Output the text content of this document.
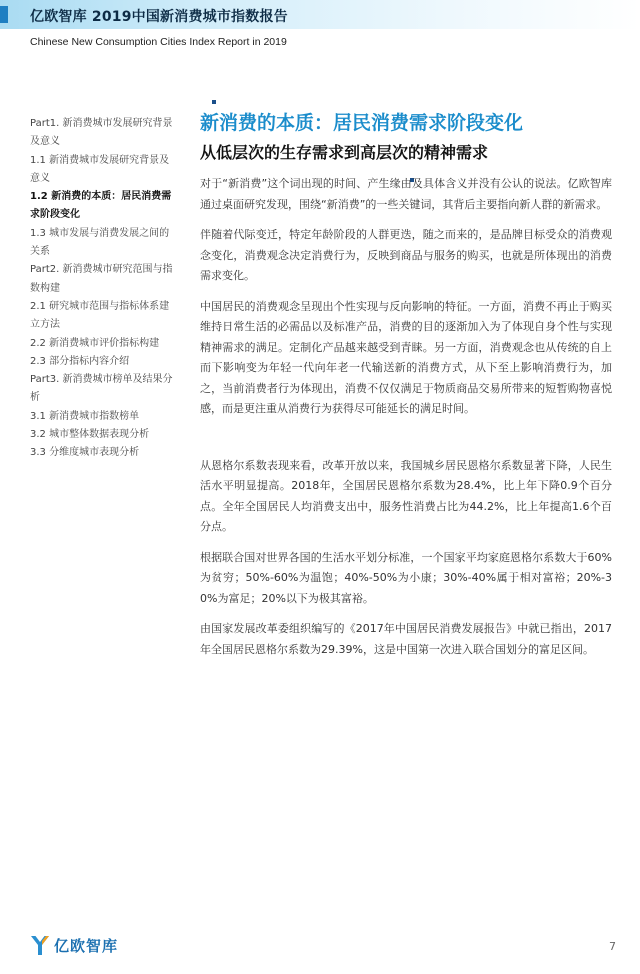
亿欧智库 2019中国新消费城市指数报告
Chinese New Consumption Cities Index Report in 2019

Part1. 新消费城市发展研究背景及意义

1.1 新消费城市发展研究背景及意义

1.2 新消费的本质：居民消费需求阶段变化

1.3 城市发展与消费发展之间的关系

Part2. 新消费城市研究范围与指数构建

2.1 研究城市范围与指标体系建立方法

2.2 新消费城市评价指标构建

2.3 部分指标内容介绍

Part3. 新消费城市榜单及结果分析

3.1 新消费城市指数榜单

3.2 城市整体数据表现分析

3.3 分维度城市表现分析

新消费的本质：居民消费需求阶段变化
从低层次的生存需求到高层次的精神需求

对于“新消费”这个词出现的时间、产生缘由及具体含义并没有公认的说法。亿欧智库通过桌面研究发现，围绕“新消费”的一些关键词，其背后主要指向新人群的新需求。

伴随着代际变迁，特定年龄阶段的人群更迭，随之而来的，是品牌目标受众的消费观念变化，消费观念决定消费行为，反映到商品与服务的购买，也就是所体现出的消费需求变化。

中国居民的消费观念呈现出个性实现与反向影响的特征。一方面，消费不再止于购买维持日常生活的必需品以及标准产品，消费的目的逐渐加入为了体现自身个性与实现精神需求的满足。定制化产品越来越受到青睐。另一方面，消费观念也从传统的自上而下影响变为年轻一代向年老一代输送新的消费方式，从下至上影响消费行为，加之，当前消费者行为体现出，消费不仅仅满足于物质商品交易所带来的短暂购物喜悦感，而是更注重从消费行为获得尽可能延长的满足时间。

从恩格尔系数表现来看，改革开放以来，我国城乡居民恩格尔系数显著下降，人民生活水平明显提高。2018年，全国居民恩格尔系数为28.4%，比上年下降0.9个百分点。全年全国居民人均消费支出中，服务性消费占比为44.2%，比上年提高1.6个百分点。

根据联合国对世界各国的生活水平划分标准，一个国家平均家庭恩格尔系数大于60%为贫穷；50%-60%为温饱；40%-50%为小康；30%-40%属于相对富裕；20%-30%为富足；20%以下为极其富裕。

由国家发展改革委组织编写的《2017年中国居民消费发展报告》中就已指出，2017年全国居民恩格尔系数为29.39%，这是中国第一次进入联合国划分的富足区间。

亿欧智库	7
